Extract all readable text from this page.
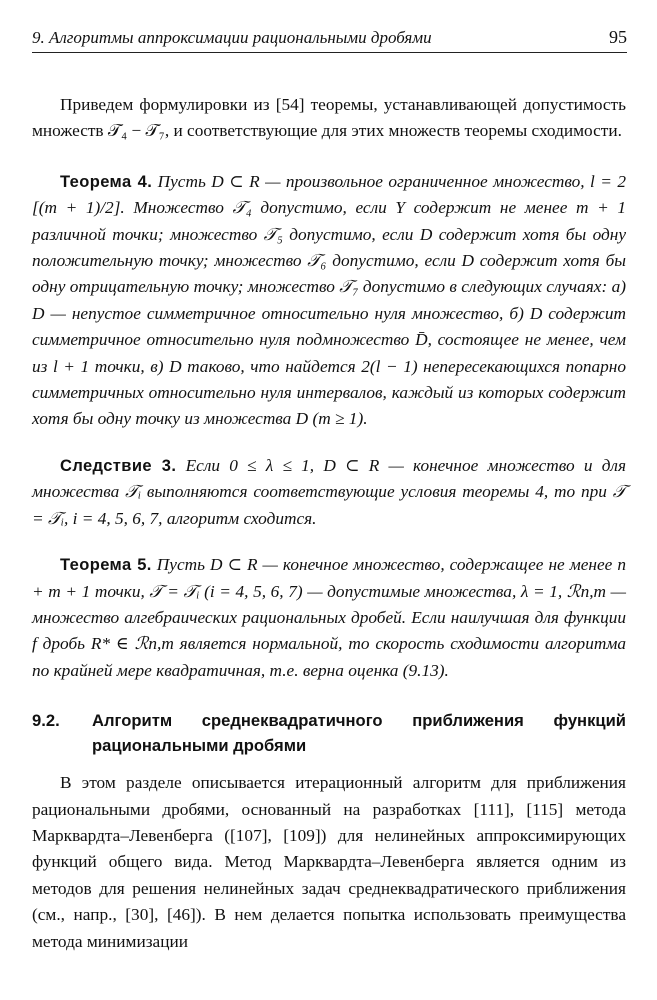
9. Алгоритмы аппроксимации рациональными дробями	95

Приведем формулировки из [54] теоремы, устанавливающей допустимость множеств 𝒯₄ − 𝒯₇, и соответствующие для этих множеств теоремы сходимости.

Теорема 4. Пусть D ⊂ R — произвольное ограниченное множество, l = 2 [(m + 1)/2]. Множество 𝒯₄ допустимо, если Y содержит не менее m + 1 различной точки; множество 𝒯₅ допустимо, если D содержит хотя бы одну положительную точку; множество 𝒯₆ допустимо, если D содержит хотя бы одну отрицательную точку; множество 𝒯₇ допустимо в следующих случаях: а) D — непустое симметричное относительно нуля множество, б) D содержит симметричное относительно нуля подмножество D̄, состоящее не менее, чем из l + 1 точки, в) D таково, что найдется 2(l − 1) непересекающихся попарно симметричных относительно нуля интервалов, каждый из которых содержит хотя бы одну точку из множества D (m ≥ 1).

Следствие 3. Если 0 ≤ λ ≤ 1, D ⊂ R — конечное множество и для множества 𝒯ᵢ выполняются соответствующие условия теоремы 4, то при 𝒯 = 𝒯ᵢ, i = 4, 5, 6, 7, алгоритм сходится.

Теорема 5. Пусть D ⊂ R — конечное множество, содержащее не менее n + m + 1 точки, 𝒯 = 𝒯ᵢ (i = 4, 5, 6, 7) — допустимые множества, λ = 1, ℛn,m — множество алгебраических рациональных дробей. Если наилучшая для функции f дробь R* ∈ ℛn,m является нормальной, то скорость сходимости алгоритма по крайней мере квадратичная, т.е. верна оценка (9.13).

9.2.	Алгоритм среднеквадратичного приближения функций рациональными дробями

В этом разделе описывается итерационный алгоритм для приближения рациональными дробями, основанный на разработках [111], [115] метода Марквардта–Левенберга ([107], [109]) для нелинейных аппроксимирующих функций общего вида. Метод Марквардта–Левенберга является одним из методов для решения нелинейных задач среднеквадратического приближения (см., напр., [30], [46]). В нем делается попытка использовать преимущества метода минимизации
